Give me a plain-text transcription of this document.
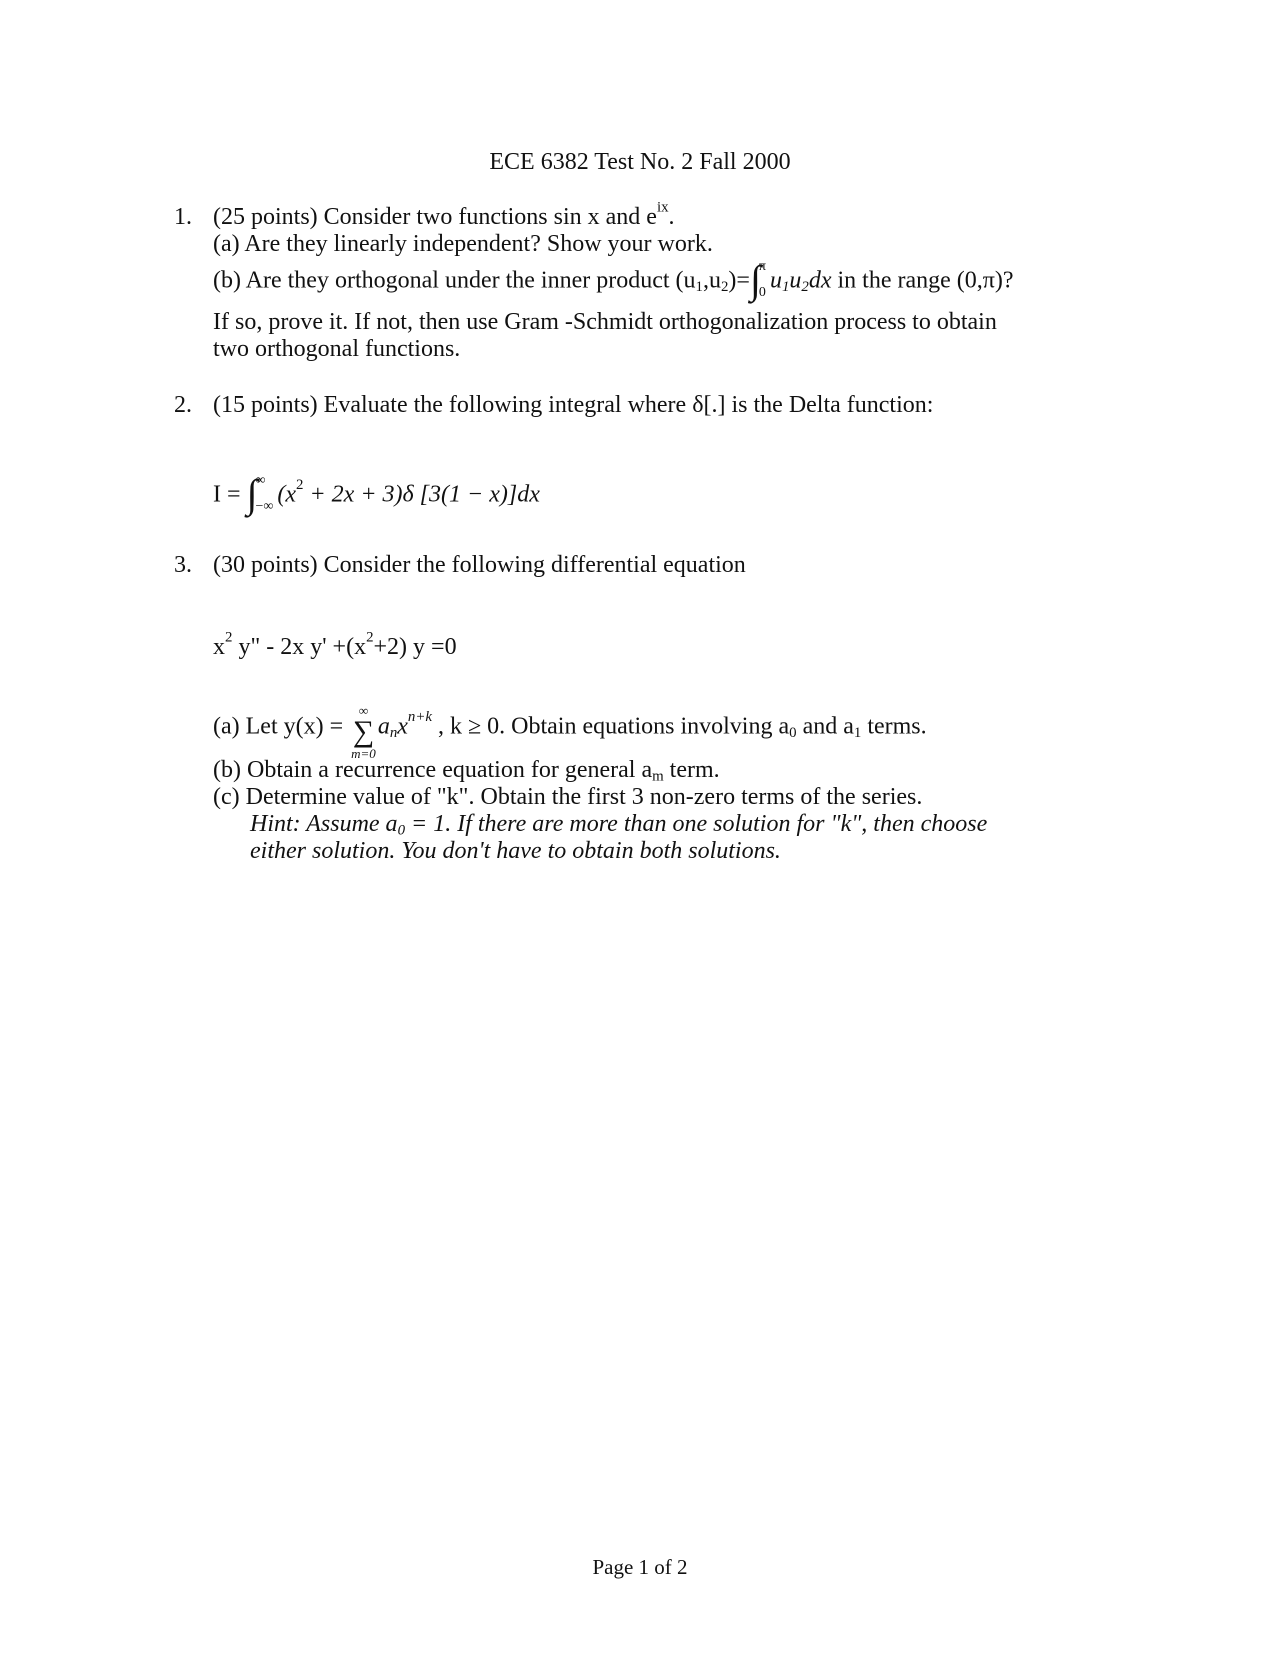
ECE 6382 Test No. 2 Fall 2000
1. (25 points) Consider two functions sin x and $e^{ix}$.
(a) Are they linearly independent? Show your work.
(b) Are they orthogonal under the inner product $(u_1,u_2)=\int$
π
0 $u_1u_2dx$ in the range (0,π)?
If so, prove it. If not, then use Gram -Schmidt orthogonalization process to obtain
two orthogonal functions.
2. (15 points) Evaluate the following integral where δ[.] is the Delta function:
I = ∫
∞
−∞ $(x^2 + 2x + 3)\delta$ [3(1 − x)]dx
3. (30 points) Consider the following differential equation
$x^2$ y" - 2x $y' +(x^2+2)$ y =0
(a) Let y(x) =
∞
∑
m=0
$a_nx^{n+k}$ , k ≥ 0. Obtain equations involving $a_0$ and $a_1$ terms.
(b) Obtain a recurrence equation for general $a_m$ term.
(c) Determine value of "k". Obtain the first 3 non-zero terms of the series.
Hint: Assume $a_0 = 1$. If there are more than one solution for "k", then choose
either solution. You don't have to obtain both solutions.
Page 1 of 2
